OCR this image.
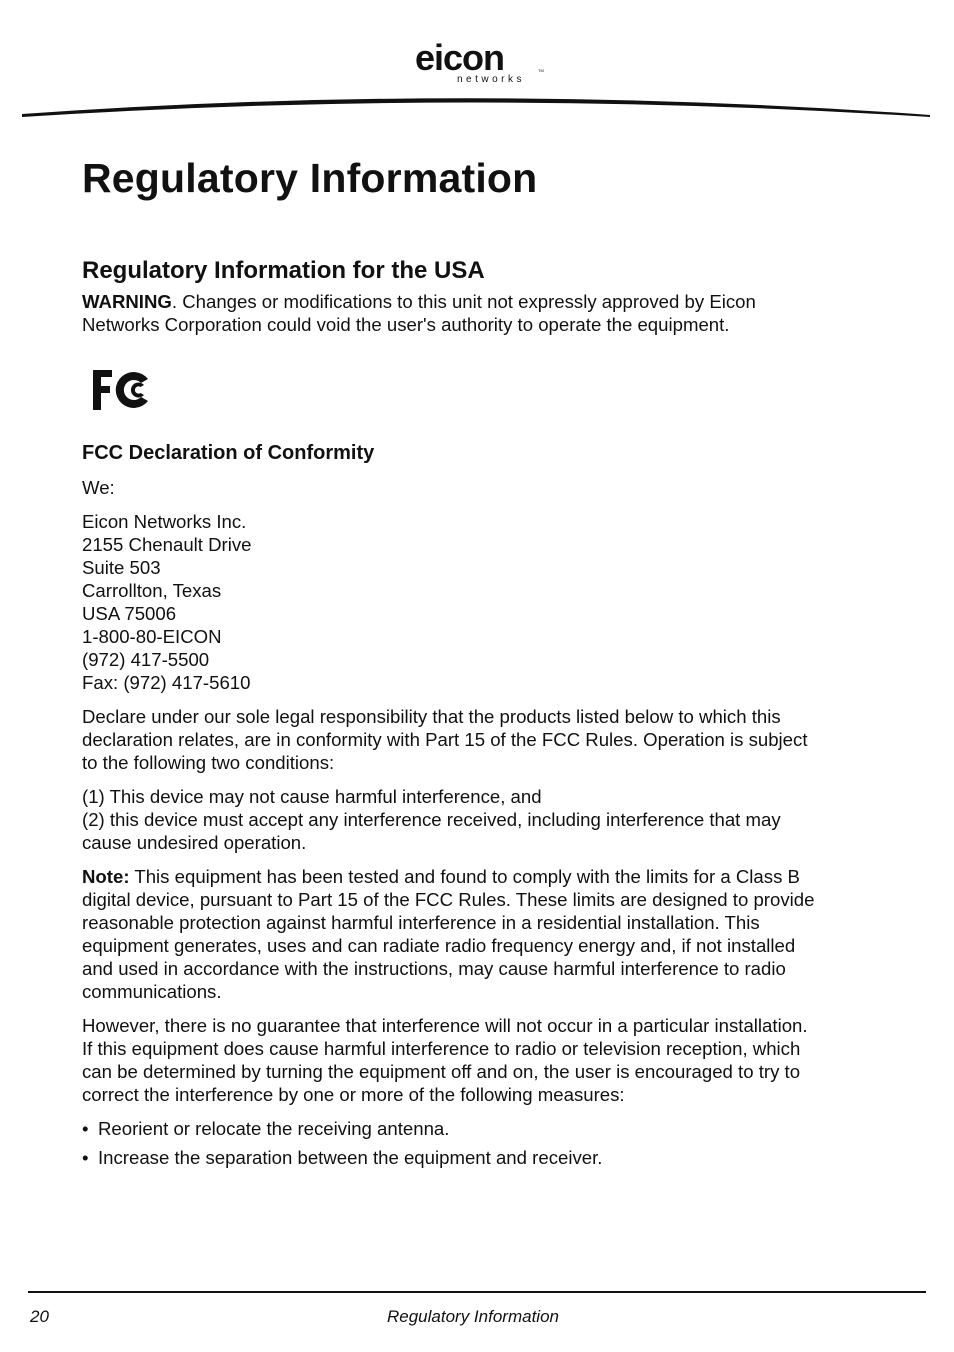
eicon	TM
networks
Regulatory Information
Regulatory Information for the USA

WARNING. Changes or modifications to this unit not expressly approved by Eicon Networks Corporation could void the user's authority to operate the equipment.

FCC Declaration of Conformity

We:

Eicon Networks Inc.
2155 Chenault Drive
Suite 503
Carrollton, Texas
USA 75006
1-800-80-EICON
(972) 417-5500
Fax: (972) 417-5610

Declare under our sole legal responsibility that the products listed below to which this declaration relates, are in conformity with Part 15 of the FCC Rules. Operation is subject to the following two conditions:

(1) This device may not cause harmful interference, and
(2) this device must accept any interference received, including interference that may cause undesired operation.

Note: This equipment has been tested and found to comply with the limits for a Class B digital device, pursuant to Part 15 of the FCC Rules. These limits are designed to provide reasonable protection against harmful interference in a residential installation. This equipment generates, uses and can radiate radio frequency energy and, if not installed and used in accordance with the instructions, may cause harmful interference to radio communications.

However, there is no guarantee that interference will not occur in a particular installation. If this equipment does cause harmful interference to radio or television reception, which can be determined by turning the equipment off and on, the user is encouraged to try to correct the interference by one or more of the following measures:

• Reorient or relocate the receiving antenna.
• Increase the separation between the equipment and receiver.
20	Regulatory Information
